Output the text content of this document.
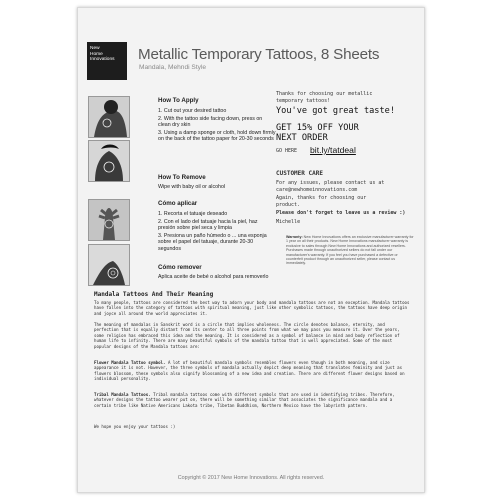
New
Home
Innovations	Metallic Temporary Tattoos, 8 Sheets
Mandala, Mehndi Style
How To Apply
1. Cut out your desired tattoo
2. With the tattoo side facing down, press on clean dry skin
3. Using a damp sponge or cloth, hold down firmly on the back of the tattoo paper for 20-30 seconds
How To Remove
Wipe with baby oil or alcohol
Cómo aplicar
1. Recorta el tatuaje deseado
2. Con el lado del tatuaje hacia la piel, haz presión sobre piel seca y limpia
3. Presiona un paño húmedo o ... una esponja sobre el papel del tatuaje, durante 20-30 segundos
Cómo remover
Aplica aceite de bebé o alcohol para removerlo
Thanks for choosing our metallic
temporary tattoos!
You've got great taste!
GET 15% OFF YOUR
NEXT ORDER
GO HERE bit.ly/tatdeal
CUSTOMER CARE
For any issues, please contact us at
care@newhomeinnovations.com
Again, thanks for choosing our
product.
Please don't forget to leave us a review :)
Michelle
Warranty: New Home Innovations offers an exclusive manufacturer warranty for 1 year on all their products. New Home Innovations manufacturer warranty is exclusive to sales through New Home Innovations and authorized resellers. Purchases made through unauthorized sellers do not fall under our manufacturer's warranty. If you feel you have purchased a defective or counterfeit product through an unauthorized seller, please contact us immediately.
Mandala Tattoos And Their Meaning
To many people, tattoos are considered the best way to adorn your body and mandala tattoos are not an exception. Mandala tattoos have fallen into the category of tattoos with spiritual meaning, just like other symbolic tattoos, the tattoos have deep origin and joyce all around the world appreciates it.
The meaning of mandalas in Sanskrit word is a circle that implies wholeness. The circle denotes balance, eternity, and perfection that is equally distant from its center to all three points from what we may pass you measure it. Over the years, some religion has embraced this idea and the meaning. It is considered as a symbol of balance in mind and body reflection of human life to infinity. There are many beautiful symbols of the mandala tattoo that is well appreciated. Some of the most popular designs of the Mandala tattoos are:
Flower Mandala Tattoo symbol. A lot of beautiful mandala symbols resembles flowers even though in both meaning, and size appearance it is not. However, the three symbols of mandala actually depict deep meaning that translates feminity and just as flowers blossom, these symbols also signify blossoming of a new idea and creation. There are different flower designs based on individual personality.
Tribal Mandala Tattoos. Tribal mandala tattoos come with different symbols that are used in identifying tribes. Therefore, whatever designs the tattoo wearer put on, there will be something similar that associates the significance mandala and a certain tribe like Native Americans Lakota tribe, Tibetan Buddhism, Northern Mexico have the labyrinth pattern.
We hope you enjoy your tattoos :)
Copyright © 2017 New Home Innovations. All rights reserved.
